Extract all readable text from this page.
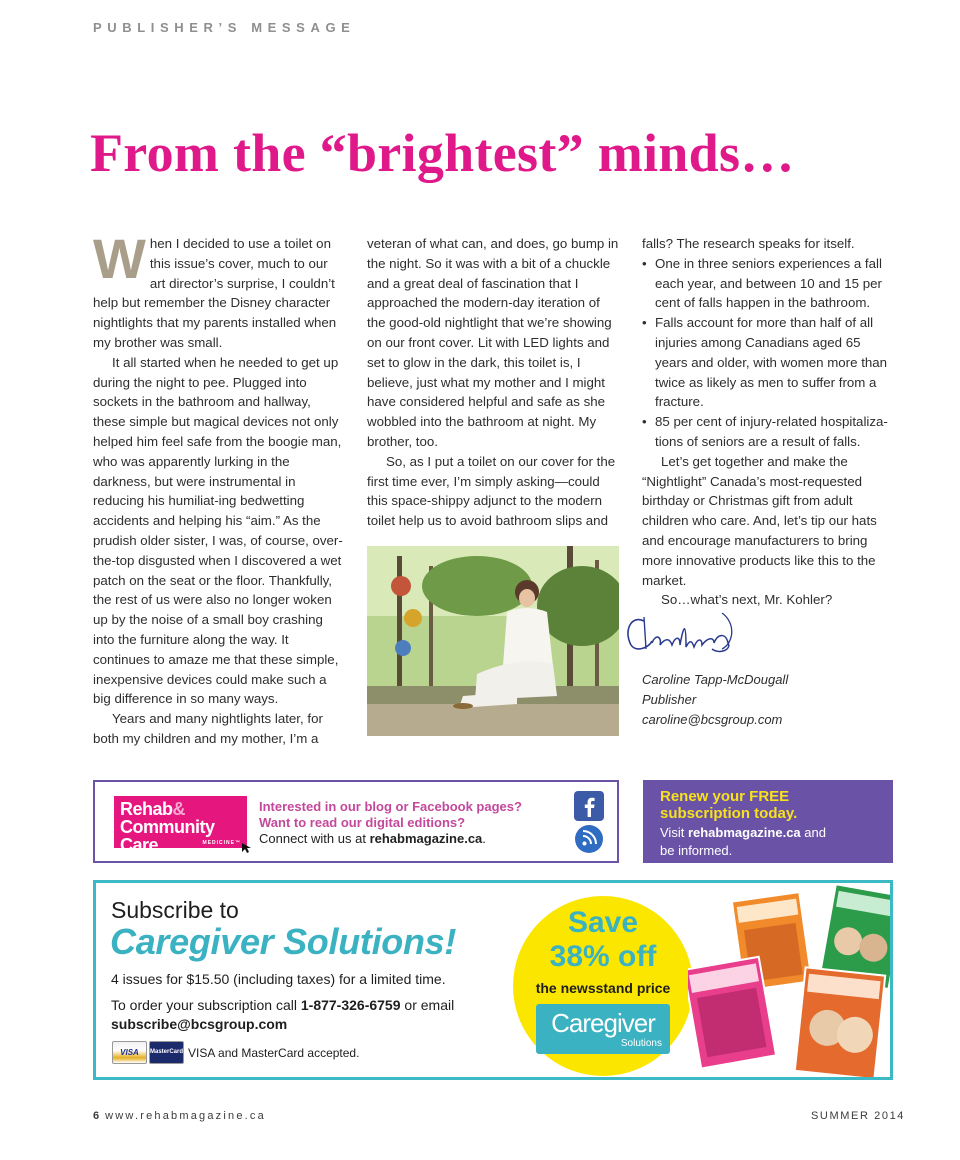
PUBLISHER’S MESSAGE
From the “brightest” minds…

When I decided to use a toilet on this issue’s cover, much to our art director’s surprise, I couldn’t help but remember the Disney character nightlights that my parents installed when my brother was small.

It all started when he needed to get up during the night to pee. Plugged into sockets in the bathroom and hallway, these simple but magical devices not only helped him feel safe from the boogie man, who was apparently lurking in the darkness, but were instrumental in reducing his humiliat-ing bedwetting accidents and helping his “aim.” As the prudish older sister, I was, of course, over-the-top disgusted when I discovered a wet patch on the seat or the floor. Thankfully, the rest of us were also no longer woken up by the noise of a small boy crashing into the furniture along the way. It continues to amaze me that these simple, inexpensive devices could make such a big difference in so many ways.

Years and many nightlights later, for both my children and my mother, I’m a

veteran of what can, and does, go bump in the night. So it was with a bit of a chuckle and a great deal of fascination that I approached the modern-day iteration of the good-old nightlight that we’re showing on our front cover. Lit with LED lights and set to glow in the dark, this toilet is, I believe, just what my mother and I might have considered helpful and safe as she wobbled into the bathroom at night. My brother, too.

So, as I put a toilet on our cover for the first time ever, I’m simply asking—could this space-shippy adjunct to the modern toilet help us to avoid bathroom slips and

falls? The research speaks for itself.

• One in three seniors experiences a fall each year, and between 10 and 15 per cent of falls happen in the bathroom.
• Falls account for more than half of all injuries among Canadians aged 65 years and older, with women more than twice as likely as men to suffer from a fracture.
• 85 per cent of injury-related hospitaliza-tions of seniors are a result of falls.

Let’s get together and make the “Nightlight” Canada’s most-requested birthday or Christmas gift from adult children who care. And, let’s tip our hats and encourage manufacturers to bring more innovative products like this to the market.

So…what’s next, Mr. Kohler?

Caroline Tapp-McDougall
Publisher
caroline@bcsgroup.com
Rehab&
Community Care	MEDICINE™
Interested in our blog or Facebook pages?
Want to read our digital editions?
Connect with us at rehabmagazine.ca.
Renew your FREE
subscription today.
Visit rehabmagazine.ca and
be informed.
Subscribe to
Caregiver Solutions!
4 issues for $15.50 (including taxes) for a limited time.
To order your subscription call 1-877-326-6759 or email
subscribe@bcsgroup.com
VISA MasterCard VISA and MasterCard accepted.
Save
38% off
the newsstand price
Caregiver
Solutions
6 www.rehabmagazine.ca	SUMMER 2014
